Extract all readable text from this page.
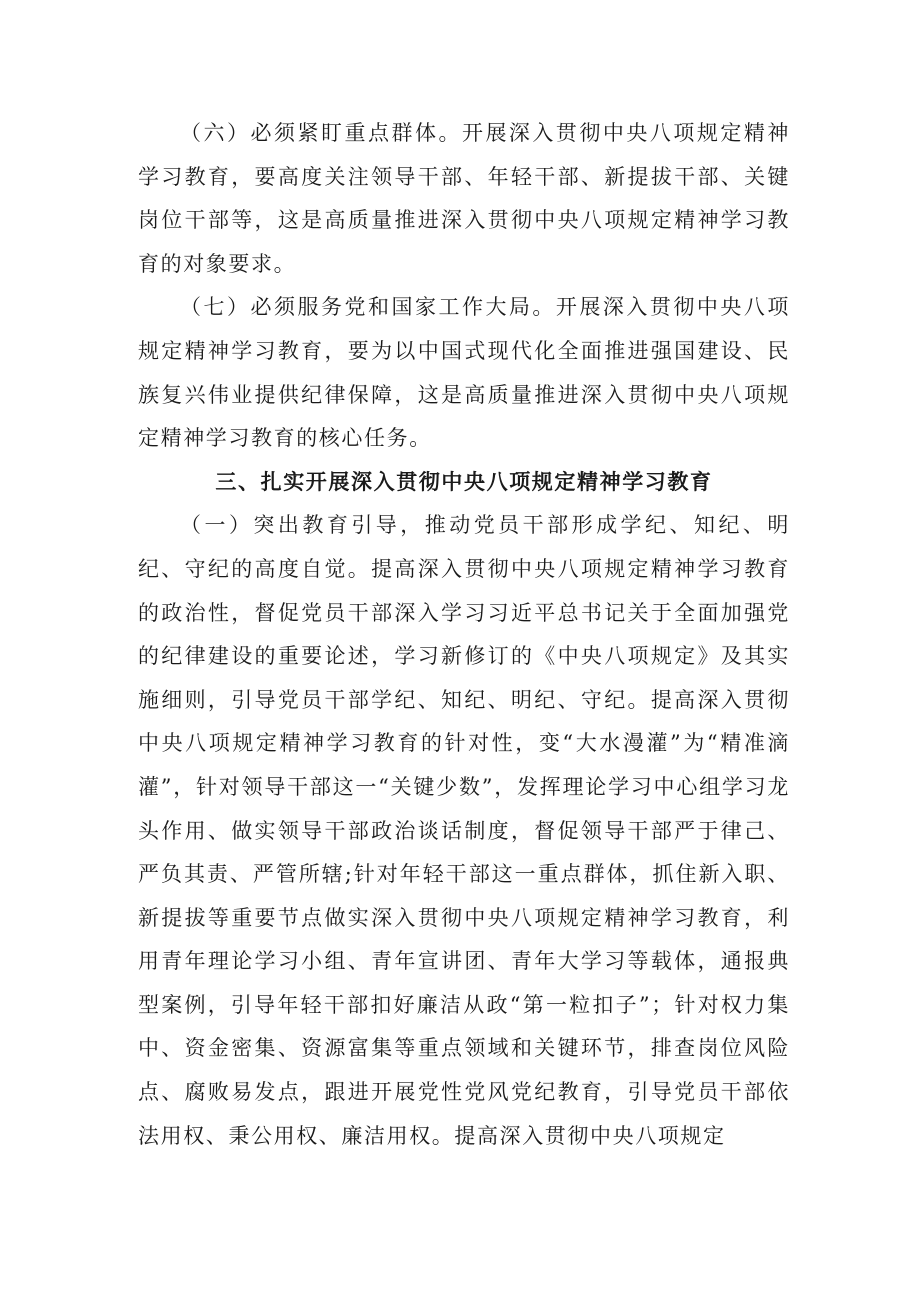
（六）必须紧盯重点群体。开展深入贯彻中央八项规定精神学习教育，要高度关注领导干部、年轻干部、新提拔干部、关键岗位干部等，这是高质量推进深入贯彻中央八项规定精神学习教育的对象要求。

（七）必须服务党和国家工作大局。开展深入贯彻中央八项规定精神学习教育，要为以中国式现代化全面推进强国建设、民族复兴伟业提供纪律保障，这是高质量推进深入贯彻中央八项规定精神学习教育的核心任务。

三、扎实开展深入贯彻中央八项规定精神学习教育

（一）突出教育引导，推动党员干部形成学纪、知纪、明纪、守纪的高度自觉。提高深入贯彻中央八项规定精神学习教育的政治性，督促党员干部深入学习习近平总书记关于全面加强党的纪律建设的重要论述，学习新修订的《中央八项规定》及其实施细则，引导党员干部学纪、知纪、明纪、守纪。提高深入贯彻中央八项规定精神学习教育的针对性，变“大水漫灌”为“精准滴灌”，针对领导干部这一“关键少数”，发挥理论学习中心组学习龙头作用、做实领导干部政治谈话制度，督促领导干部严于律己、严负其责、严管所辖;针对年轻干部这一重点群体，抓住新入职、新提拔等重要节点做实深入贯彻中央八项规定精神学习教育，利用青年理论学习小组、青年宣讲团、青年大学习等载体，通报典型案例，引导年轻干部扣好廉洁从政“第一粒扣子”；针对权力集中、资金密集、资源富集等重点领域和关键环节，排查岗位风险点、腐败易发点，跟进开展党性党风党纪教育，引导党员干部依法用权、秉公用权、廉洁用权。提高深入贯彻中央八项规定
